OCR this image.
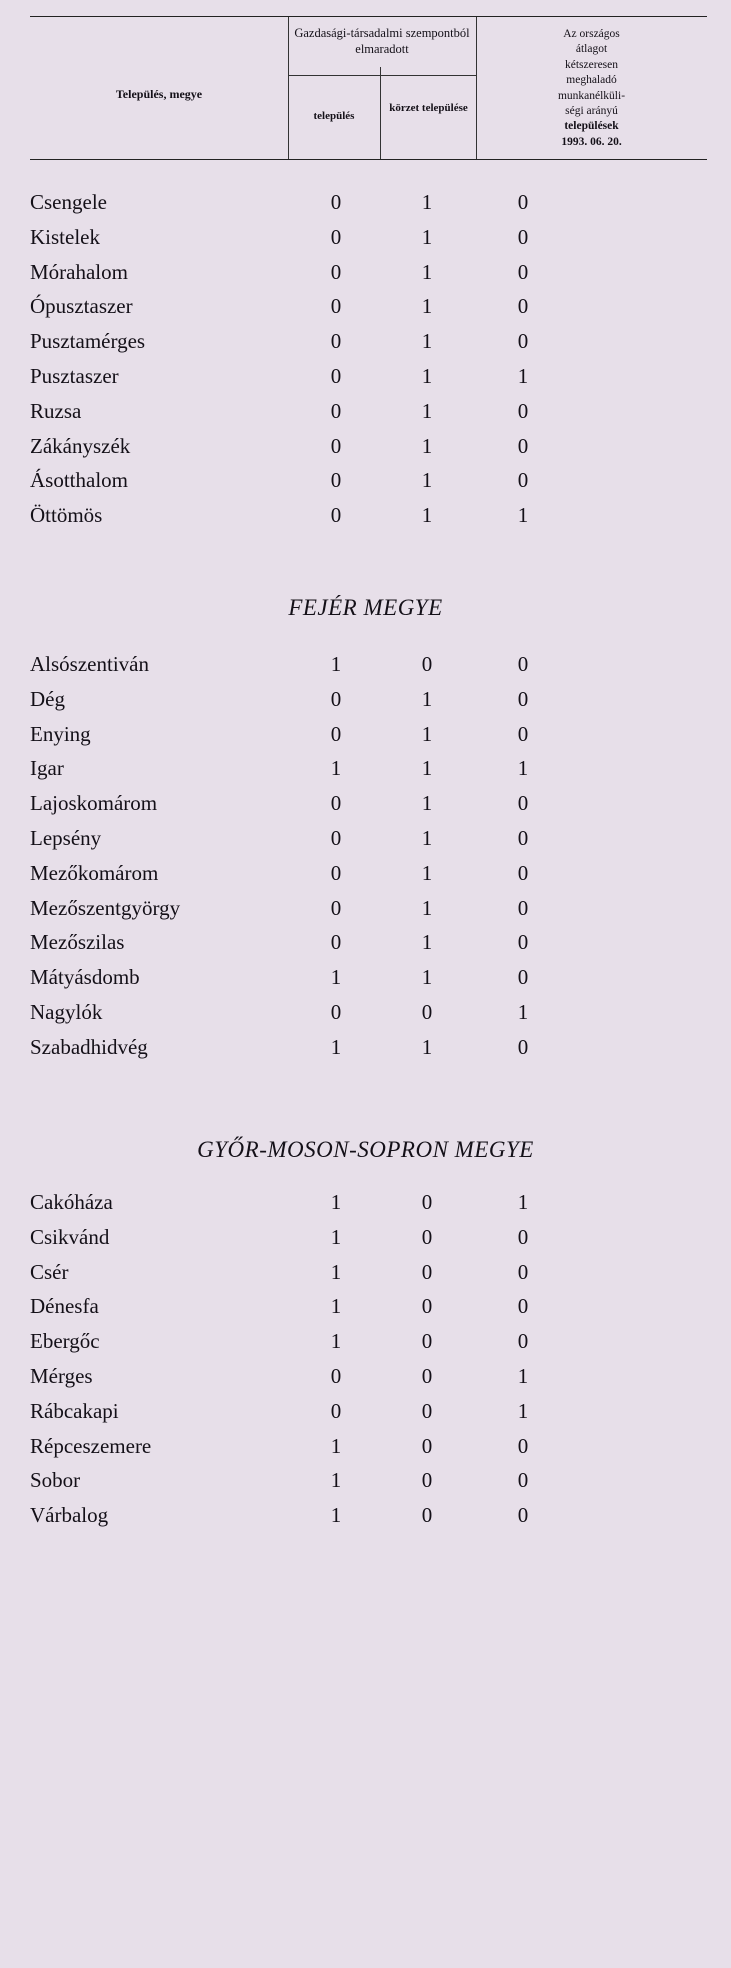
Település, megye
Gazdasági-társadalmi szempontból elmaradott
település
körzet települése
Az országos
átlagot
kétszeresen
meghaladó
munkanélküli-
ségi arányú
települések
1993. 06. 20.
Csengele	0	1	0
Kistelek	0	1	0
Mórahalom	0	1	0
Ópusztaszer	0	1	0
Pusztamérges	0	1	0
Pusztaszer	0	1	1
Ruzsa	0	1	0
Zákányszék	0	1	0
Ásotthalom	0	1	0
Öttömös	0	1	1
FEJÉR MEGYE
Alsószentiván	1	0	0
Dég	0	1	0
Enying	0	1	0
Igar	1	1	1
Lajoskomárom	0	1	0
Lepsény	0	1	0
Mezőkomárom	0	1	0
Mezőszentgyörgy	0	1	0
Mezőszilas	0	1	0
Mátyásdomb	1	1	0
Nagylók	0	0	1
Szabadhidvég	1	1	0
GYŐR-MOSON-SOPRON MEGYE
Cakóháza	1	0	1
Csikvánd	1	0	0
Csér	1	0	0
Dénesfa	1	0	0
Ebergőc	1	0	0
Mérges	0	0	1
Rábcakapi	0	0	1
Répceszemere	1	0	0
Sobor	1	0	0
Várbalog	1	0	0
